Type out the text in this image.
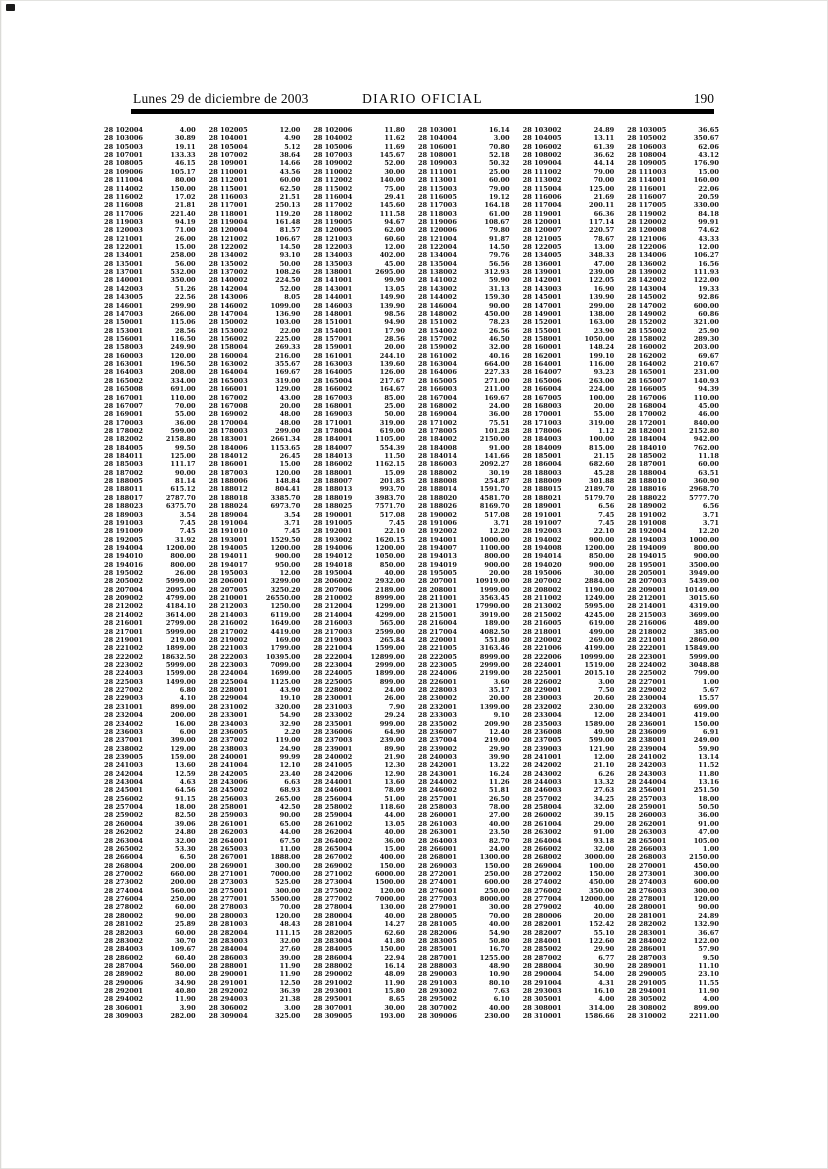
Lunes 29 de diciembre de 2003	DIARIO OFICIAL	190
28 102004	4.00 28 102005	12.00 28 102006	11.80 28 103001	16.14 28 103002	24.89 28 103005	36.65
28 103006	30.89 28 104001	4.90 28 104002	11.62 28 104004	3.00 28 104005	13.11 28 105002	350.67
28 105003	19.11 28 105004	5.12 28 105006	11.69 28 106001	70.80 28 106002	61.39 28 106003	62.06
28 107001	133.33 28 107002	38.64 28 107003	145.67 28 108001	52.18 28 108002	36.62 28 108004	43.12
28 108005	46.15 28 109001	14.66 28 109002	52.00 28 109003	50.32 28 109004	44.14 28 109005	176.90
28 109006	105.17 28 110001	43.56 28 110002	30.00 28 111001	25.00 28 111002	79.00 28 111003	15.00
28 111004	80.00 28 112001	60.00 28 112002	140.00 28 113001	60.00 28 113002	70.00 28 114001	160.00
28 114002	150.00 28 115001	62.50 28 115002	75.00 28 115003	79.00 28 115004	125.00 28 116001	22.06
28 116002	17.02 28 116003	21.51 28 116004	29.41 28 116005	19.12 28 116006	21.69 28 116007	20.59
28 116008	21.81 28 117001	250.13 28 117002	145.60 28 117003	164.18 28 117004	200.11 28 117005	330.00
28 117006	221.40 28 118001	119.20 28 118002	111.58 28 118003	61.00 28 119001	66.36 28 119002	84.18
28 119003	94.19 28 119004	161.48 28 119005	94.67 28 119006	108.67 28 120001	117.14 28 120002	99.91
28 120003	71.00 28 120004	81.57 28 120005	62.00 28 120006	79.80 28 120007	220.57 28 120008	74.62
28 121001	26.00 28 121002	106.67 28 121003	60.60 28 121004	91.87 28 121005	78.67 28 121006	43.33
28 122001	15.00 28 122002	14.50 28 122003	12.00 28 122004	14.50 28 122005	13.00 28 122006	12.00
28 134001	258.00 28 134002	93.10 28 134003	402.00 28 134004	79.76 28 134005	348.33 28 134006	106.27
28 135001	56.00 28 135002	50.00 28 135003	45.00 28 135004	56.56 28 136001	47.00 28 136002	16.56
28 137001	532.00 28 137002	108.26 28 138001	2695.00 28 138002	312.93 28 139001	239.00 28 139002	111.93
28 140001	350.00 28 140002	224.50 28 141001	99.90 28 141002	59.90 28 142001	122.05 28 142002	122.00
28 142003	51.26 28 142004	52.00 28 143001	13.05 28 143002	31.13 28 143003	16.90 28 143004	19.33
28 143005	22.56 28 143006	8.05 28 144001	149.90 28 144002	159.30 28 145001	139.90 28 145002	92.86
28 146001	299.90 28 146002	1099.00 28 146003	139.90 28 146004	90.00 28 147001	299.00 28 147002	600.00
28 147003	266.00 28 147004	136.90 28 148001	98.56 28 148002	450.00 28 149001	138.00 28 149002	60.86
28 150001	115.06 28 150002	103.00 28 151001	94.90 28 151002	78.23 28 152001	163.00 28 152002	321.00
28 153001	28.56 28 153002	22.00 28 154001	17.90 28 154002	26.56 28 155001	23.90 28 155002	25.90
28 156001	116.50 28 156002	225.00 28 157001	28.56 28 157002	46.50 28 158001	1050.00 28 158002	289.30
28 158003	249.90 28 158004	269.33 28 159001	20.00 28 159002	32.00 28 160001	148.24 28 160002	203.00
28 160003	120.00 28 160004	216.00 28 161001	244.10 28 161002	40.16 28 162001	199.10 28 162002	69.67
28 163001	196.50 28 163002	355.67 28 163003	139.60 28 163004	664.00 28 164001	116.00 28 164002	210.67
28 164003	208.00 28 164004	169.67 28 164005	126.00 28 164006	227.33 28 164007	93.23 28 165001	231.00
28 165002	334.00 28 165003	319.00 28 165004	217.67 28 165005	271.00 28 165006	263.00 28 165007	140.93
28 165008	691.00 28 166001	129.00 28 166002	164.67 28 166003	211.00 28 166004	224.00 28 166005	94.39
28 167001	110.00 28 167002	43.00 28 167003	85.00 28 167004	169.67 28 167005	100.00 28 167006	110.00
28 167007	70.00 28 167008	20.00 28 168001	25.00 28 168002	24.00 28 168003	20.00 28 168004	45.00
28 169001	55.00 28 169002	48.00 28 169003	50.00 28 169004	36.00 28 170001	55.00 28 170002	46.00
28 170003	36.00 28 170004	48.00 28 171001	319.00 28 171002	75.51 28 171003	319.00 28 172001	840.00
28 178002	599.00 28 178003	299.00 28 178004	619.00 28 178005	101.28 28 178006	1.12 28 182001	2152.80
28 182002	2158.80 28 183001	2661.34 28 184001	1105.00 28 184002	2150.00 28 184003	100.00 28 184004	942.00
28 184005	99.50 28 184006	1153.65 28 184007	554.39 28 184008	91.00 28 184009	815.00 28 184010	762.00
28 184011	125.00 28 184012	26.45 28 184013	11.50 28 184014	141.66 28 185001	21.15 28 185002	11.18
28 185003	111.17 28 186001	15.00 28 186002	1162.15 28 186003	2092.27 28 186004	682.60 28 187001	60.00
28 187002	90.00 28 187003	120.00 28 188001	15.09 28 188002	30.19 28 188003	45.28 28 188004	63.51
28 188005	81.14 28 188006	148.84 28 188007	201.85 28 188008	254.87 28 188009	301.88 28 188010	360.90
28 188011	615.12 28 188012	804.41 28 188013	993.70 28 188014	1591.70 28 188015	2189.70 28 188016	2968.70
28 188017	2787.70 28 188018	3385.70 28 188019	3983.70 28 188020	4581.70 28 188021	5179.70 28 188022	5777.70
28 188023	6375.70 28 188024	6973.70 28 188025	7571.70 28 188026	8169.70 28 189001	6.56 28 189002	6.56
28 189003	3.54 28 189004	3.54 28 190001	517.08 28 190002	517.08 28 191001	7.45 28 191002	3.71
28 191003	7.45 28 191004	3.71 28 191005	7.45 28 191006	3.71 28 191007	7.45 28 191008	3.71
28 191009	7.45 28 191010	7.45 28 192001	22.10 28 192002	12.20 28 192003	22.10 28 192004	12.20
28 192005	31.92 28 193001	1529.50 28 193002	1620.15 28 194001	1000.00 28 194002	900.00 28 194003	1000.00
28 194004	1200.00 28 194005	1200.00 28 194006	1200.00 28 194007	1100.00 28 194008	1200.00 28 194009	800.00
28 194010	800.00 28 194011	900.00 28 194012	1050.00 28 194013	800.00 28 194014	850.00 28 194015	900.00
28 194016	800.00 28 194017	950.00 28 194018	850.00 28 194019	900.00 28 194020	900.00 28 195001	3500.00
28 195002	26.00 28 195003	12.00 28 195004	40.00 28 195005	20.00 28 195006	30.00 28 205001	3949.00
28 205002	5999.00 28 206001	3299.00 28 206002	2932.00 28 207001	10919.00 28 207002	2884.00 28 207003	5439.00
28 207004	2095.00 28 207005	3250.20 28 207006	2189.00 28 208001	1999.00 28 208002	1190.00 28 209001	10149.00
28 209002	4799.00 28 210001	26550.00 28 210002	8999.00 28 211001	3563.45 28 211002	1249.00 28 212001	3015.60
28 212002	4184.10 28 212003	1250.00 28 212004	1299.00 28 213001	17990.00 28 213002	5995.00 28 214001	4319.00
28 214002	3614.00 28 214003	6119.00 28 214004	4299.00 28 215001	3919.00 28 215002	4245.00 28 215003	3699.00
28 216001	2799.00 28 216002	1649.00 28 216003	565.00 28 216004	189.00 28 216005	619.00 28 216006	489.00
28 217001	5999.00 28 217002	4419.00 28 217003	2599.00 28 217004	4082.50 28 218001	499.00 28 218002	385.00
28 219001	219.00 28 219002	169.00 28 219003	265.84 28 220001	551.80 28 220002	269.00 28 221001	2860.00
28 221002	1899.00 28 221003	1799.00 28 221004	1599.00 28 221005	3163.46 28 221006	4199.00 28 222001	15849.00
28 222002	18632.50 28 222003	10395.00 28 222004	12899.00 28 222005	8999.00 28 222006	10999.00 28 223001	5999.00
28 223002	5999.00 28 223003	7099.00 28 223004	2999.00 28 223005	2999.00 28 224001	1519.00 28 224002	3048.88
28 224003	1599.00 28 224004	1699.00 28 224005	1899.00 28 224006	2199.00 28 225001	2015.10 28 225002	799.00
28 225003	1499.00 28 225004	1125.00 28 225005	899.00 28 226001	3.60 28 226002	3.00 28 227001	1.00
28 227002	6.80 28 228001	43.90 28 228002	24.00 28 228003	35.17 28 229001	7.50 28 229002	5.67
28 229003	4.10 28 229004	19.10 28 230001	26.00 28 230002	20.00 28 230003	20.60 28 230004	15.57
28 231001	899.00 28 231002	320.00 28 231003	7.90 28 232001	1399.00 28 232002	230.00 28 232003	699.00
28 232004	200.00 28 233001	54.90 28 233002	29.24 28 233003	9.10 28 233004	12.00 28 234001	419.00
28 234002	16.00 28 234003	32.90 28 235001	999.00 28 235002	209.90 28 235003	1589.00 28 236001	150.00
28 236003	6.00 28 236005	2.20 28 236006	64.90 28 236007	12.40 28 236008	49.90 28 236009	6.91
28 237001	399.00 28 237002	119.00 28 237003	239.00 28 237004	219.00 28 237005	599.00 28 238001	249.00
28 238002	129.00 28 238003	24.90 28 239001	89.90 28 239002	29.90 28 239003	121.90 28 239004	59.90
28 239005	159.00 28 240001	99.99 28 240002	21.90 28 240003	39.90 28 241001	12.00 28 241002	13.14
28 241003	13.60 28 241004	12.10 28 241005	12.30 28 242001	13.22 28 242002	21.10 28 242003	11.52
28 242004	12.59 28 242005	23.40 28 242006	12.90 28 243001	16.24 28 243002	6.26 28 243003	11.80
28 243004	4.63 28 243006	6.63 28 244001	13.60 28 244002	11.26 28 244003	13.32 28 244004	13.16
28 245001	64.56 28 245002	68.93 28 246001	78.09 28 246002	51.81 28 246003	27.63 28 256001	251.50
28 256002	91.15 28 256003	265.00 28 256004	51.00 28 257001	26.50 28 257002	34.25 28 257003	18.00
28 257004	18.00 28 258001	42.50 28 258002	118.60 28 258003	78.00 28 258004	32.00 28 259001	50.50
28 259002	82.50 28 259003	90.00 28 259004	44.00 28 260001	27.00 28 260002	39.15 28 260003	36.00
28 260004	39.06 28 261001	65.00 28 261002	13.05 28 261003	40.00 28 261004	29.00 28 262001	91.00
28 262002	24.80 28 262003	44.00 28 262004	40.00 28 263001	23.50 28 263002	91.00 28 263003	47.00
28 263004	32.00 28 264001	67.50 28 264002	36.00 28 264003	82.70 28 264004	93.18 28 265001	105.00
28 265002	53.30 28 265003	11.00 28 265004	15.00 28 266001	24.00 28 266002	32.00 28 266003	1.00
28 266004	6.50 28 267001	1888.00 28 267002	400.00 28 268001	1300.00 28 268002	3000.00 28 268003	2150.00
28 268004	200.00 28 269001	300.00 28 269002	150.00 28 269003	150.00 28 269004	100.00 28 270001	450.00
28 270002	660.00 28 271001	7000.00 28 271002	6000.00 28 272001	250.00 28 272002	150.00 28 273001	300.00
28 273002	200.00 28 273003	525.00 28 273004	1500.00 28 274001	600.00 28 274002	450.00 28 274003	600.00
28 274004	560.00 28 275001	300.00 28 275002	120.00 28 276001	250.00 28 276002	350.00 28 276003	300.00
28 276004	250.00 28 277001	5500.00 28 277002	7000.00 28 277003	8000.00 28 277004	12000.00 28 278001	120.00
28 278002	60.00 28 278003	70.00 28 278004	130.00 28 279001	30.00 28 279002	40.00 28 280001	90.00
28 280002	90.00 28 280003	120.00 28 280004	40.00 28 280005	70.00 28 280006	20.00 28 281001	24.89
28 281002	25.89 28 281003	48.43 28 281004	14.27 28 281005	40.00 28 282001	152.42 28 282002	132.90
28 282003	60.00 28 282004	111.15 28 282005	62.60 28 282006	54.90 28 282007	55.10 28 283001	36.67
28 283002	30.70 28 283003	32.00 28 283004	41.80 28 283005	50.80 28 284001	122.60 28 284002	122.00
28 284003	109.67 28 284004	27.60 28 284005	150.00 28 285001	16.70 28 285002	29.90 28 286001	57.90
28 286002	60.40 28 286003	39.00 28 286004	22.94 28 287001	1255.00 28 287002	6.77 28 287003	9.50
28 287004	560.00 28 288001	11.90 28 288002	16.14 28 288003	48.90 28 288004	30.90 28 289001	11.10
28 289002	80.00 28 290001	11.90 28 290002	48.09 28 290003	10.90 28 290004	54.00 28 290005	23.10
28 290006	34.90 28 291001	12.50 28 291002	11.90 28 291003	80.10 28 291004	4.31 28 291005	11.55
28 292001	40.80 28 292002	36.39 28 293001	15.80 28 293002	7.63 28 293003	16.10 28 294001	11.90
28 294002	11.90 28 294003	21.38 28 295001	8.65 28 295002	6.10 28 305001	4.00 28 305002	4.00
28 306001	3.90 28 306002	3.00 28 307001	30.00 28 307002	40.00 28 308001	314.00 28 308002	899.00
28 309003	282.00 28 309004	325.00 28 309005	193.00 28 309006	230.00 28 310001	1586.66 28 310002	2211.00
